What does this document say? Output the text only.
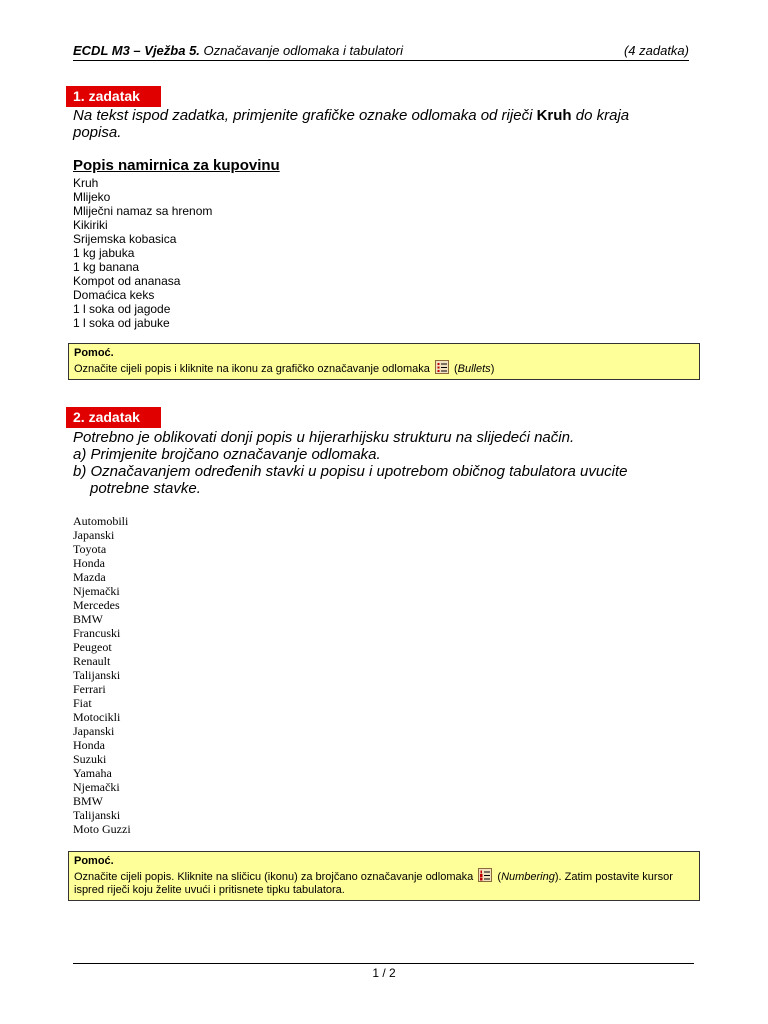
ECDL M3 – Vježba 5. Označavanje odlomaka i tabulatori	(4 zadatka)
1. zadatak
Na tekst ispod zadatka, primjenite grafičke oznake odlomaka od riječi Kruh do kraja popisa.
Popis namirnica za kupovinu
Kruh
Mlijeko
Mliječni namaz sa hrenom
Kikiriki
Srijemska kobasica
1 kg jabuka
1 kg banana
Kompot od ananasa
Domaćica keks
1 l soka od jagode
1 l soka od jabuke
Pomoć.
Označite cijeli popis i kliknite na ikonu za grafičko označavanje odlomaka  (Bullets)
2. zadatak
Potrebno je oblikovati donji popis u hijerarhijsku strukturu na slijedeći način.
a) Primjenite brojčano označavanje odlomaka.
b) Označavanjem određenih stavki u popisu i upotrebom običnog tabulatora uvucite
potrebne stavke.
Automobili
Japanski
Toyota
Honda
Mazda
Njemački
Mercedes
BMW
Francuski
Peugeot
Renault
Talijanski
Ferrari
Fiat
Motocikli
Japanski
Honda
Suzuki
Yamaha
Njemački
BMW
Talijanski
Moto Guzzi
Pomoć.
Označite cijeli popis. Kliknite na sličicu (ikonu) za brojčano označavanje odlomaka  (Numbering). Zatim postavite kursor ispred riječi koju želite uvući i pritisnete tipku tabulatora.
1 / 2
